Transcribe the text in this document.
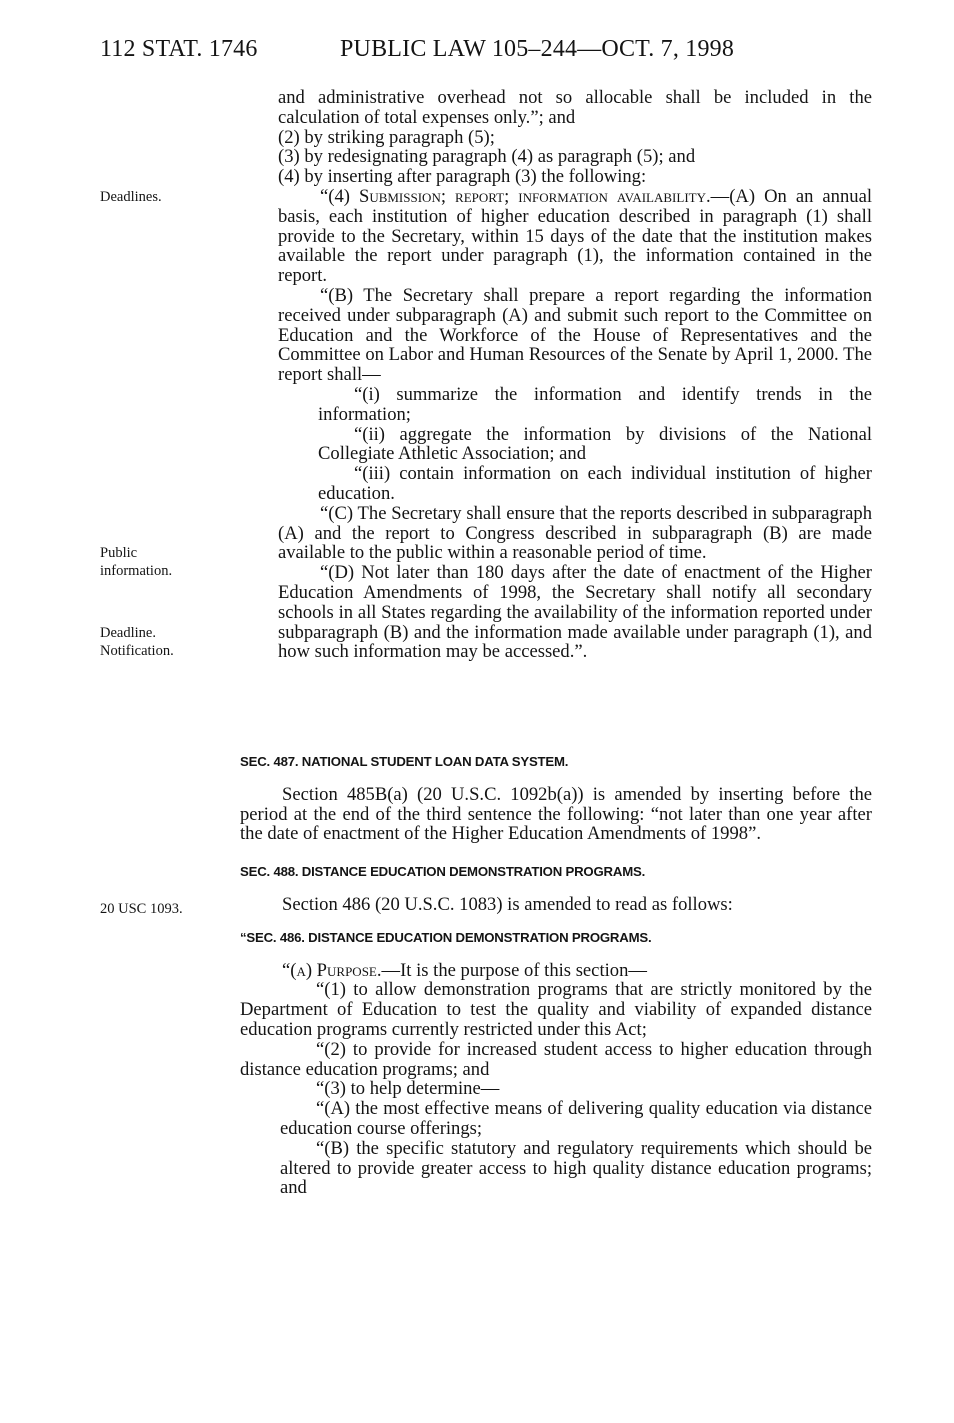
112 STAT. 1746	PUBLIC LAW 105–244—OCT. 7, 1998
Deadlines.
Public information.
Deadline.
Notification.
20 USC 1093.

and administrative overhead not so allocable shall be included in the calculation of total expenses only.”; and

(2) by striking paragraph (5);

(3) by redesignating paragraph (4) as paragraph (5); and

(4) by inserting after paragraph (3) the following:

“(4) Submission; report; information availability.—(A) On an annual basis, each institution of higher education described in paragraph (1) shall provide to the Secretary, within 15 days of the date that the institution makes available the report under paragraph (1), the information contained in the report.

“(B) The Secretary shall prepare a report regarding the information received under subparagraph (A) and submit such report to the Committee on Education and the Workforce of the House of Representatives and the Committee on Labor and Human Resources of the Senate by April 1, 2000. The report shall—

“(i) summarize the information and identify trends in the information;

“(ii) aggregate the information by divisions of the National Collegiate Athletic Association; and

“(iii) contain information on each individual institution of higher education.

“(C) The Secretary shall ensure that the reports described in subparagraph (A) and the report to Congress described in subparagraph (B) are made available to the public within a reasonable period of time.

“(D) Not later than 180 days after the date of enactment of the Higher Education Amendments of 1998, the Secretary shall notify all secondary schools in all States regarding the availability of the information reported under subparagraph (B) and the information made available under paragraph (1), and how such information may be accessed.”.

SEC. 487. NATIONAL STUDENT LOAN DATA SYSTEM.

Section 485B(a) (20 U.S.C. 1092b(a)) is amended by inserting before the period at the end of the third sentence the following: “not later than one year after the date of enactment of the Higher Education Amendments of 1998”.

SEC. 488. DISTANCE EDUCATION DEMONSTRATION PROGRAMS.

Section 486 (20 U.S.C. 1083) is amended to read as follows:

“SEC. 486. DISTANCE EDUCATION DEMONSTRATION PROGRAMS.

“(a) Purpose.—It is the purpose of this section—

“(1) to allow demonstration programs that are strictly monitored by the Department of Education to test the quality and viability of expanded distance education programs currently restricted under this Act;

“(2) to provide for increased student access to higher education through distance education programs; and

“(3) to help determine—

“(A) the most effective means of delivering quality education via distance education course offerings;

“(B) the specific statutory and regulatory requirements which should be altered to provide greater access to high quality distance education programs; and
